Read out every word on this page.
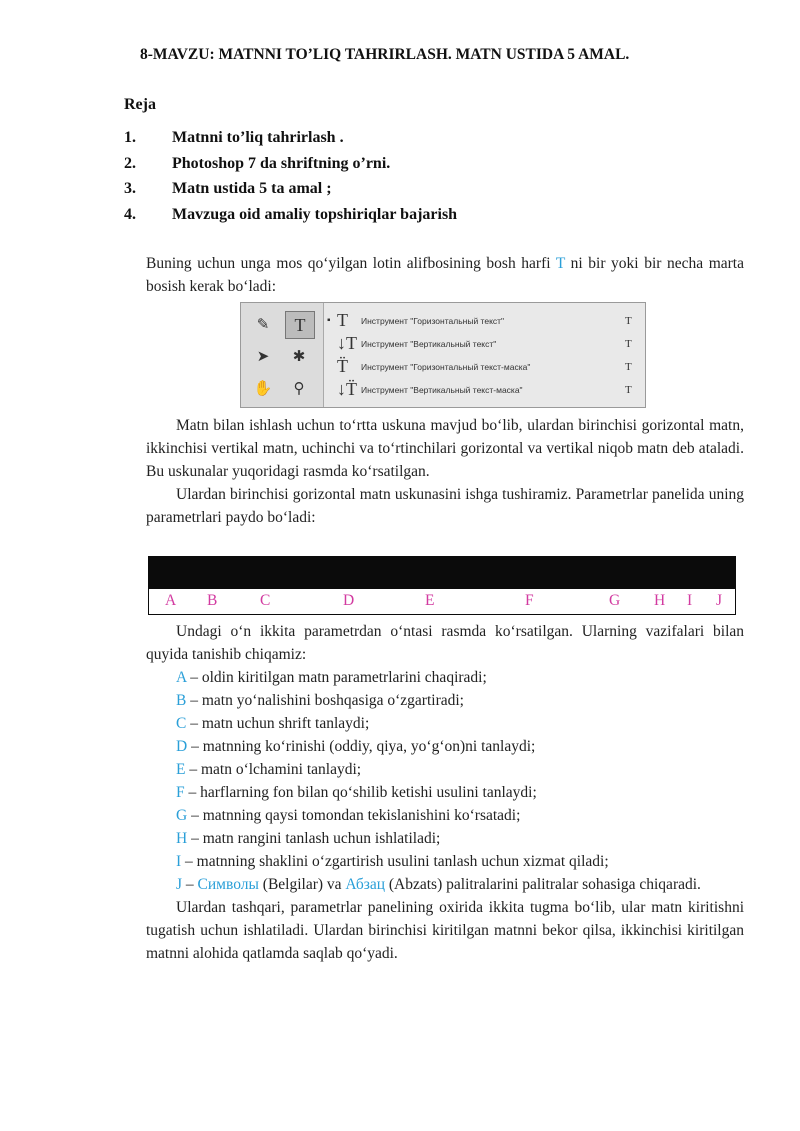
8-MAVZU: MATNNI TO’LIQ TAHRIRLASH. MATN USTIDA 5 AMAL.
Reja
1.	Matnni to’liq tahrirlash .
2.	Photoshop 7 da shriftning o’rni.
3.	Matn ustida 5 ta amal ;
4.	Mavzuga oid amaliy topshiriqlar bajarish

Buning uchun unga mos qo‘yilgan lotin alifbosining bosh harfi T ni bir yoki bir necha marta bosish kerak bo‘ladi:

✎	T
➤	✱
✋	⚲
▪ T	Инструмент "Горизонтальный текст"	T
↓T Инструмент "Вертикальный текст"	T
T̈	Инструмент "Горизонтальный текст-маска"	T
↓T̈ Инструмент "Вертикальный текст-маска"	T

Matn bilan ishlash uchun to‘rtta uskuna mavjud bo‘lib, ulardan birinchisi gorizontal matn, ikkinchisi vertikal matn, uchinchi va to‘rtinchilari gorizontal va vertikal niqob matn deb ataladi. Bu uskunalar yuqoridagi rasmda ko‘rsatilgan.

Ulardan birinchisi gorizontal matn uskunasini ishga tushiramiz. Parametrlar panelida uning parametrlari paydo bo‘ladi:

A B	C	D	E	F	G H I J

Undagi o‘n ikkita parametrdan o‘ntasi rasmda ko‘rsatilgan. Ularning vazifalari bilan quyida tanishib chiqamiz:

A – oldin kiritilgan matn parametrlarini chaqiradi;

B – matn yo‘nalishini boshqasiga o‘zgartiradi;

C – matn uchun shrift tanlaydi;

D – matnning ko‘rinishi (oddiy, qiya, yo‘g‘on)ni tanlaydi;

E – matn o‘lchamini tanlaydi;

F – harflarning fon bilan qo‘shilib ketishi usulini tanlaydi;

G – matnning qaysi tomondan tekislanishini ko‘rsatadi;

H – matn rangini tanlash uchun ishlatiladi;

I – matnning shaklini o‘zgartirish usulini tanlash uchun xizmat qiladi;

J – Символы (Belgilar) va Абзац (Abzats) palitralarini palitralar sohasiga chiqaradi.

Ulardan tashqari, parametrlar panelining oxirida ikkita tugma bo‘lib, ular matn kiritishni tugatish uchun ishlatiladi. Ulardan birinchisi kiritilgan matnni bekor qilsa, ikkinchisi kiritilgan matnni alohida qatlamda saqlab qo‘yadi.
